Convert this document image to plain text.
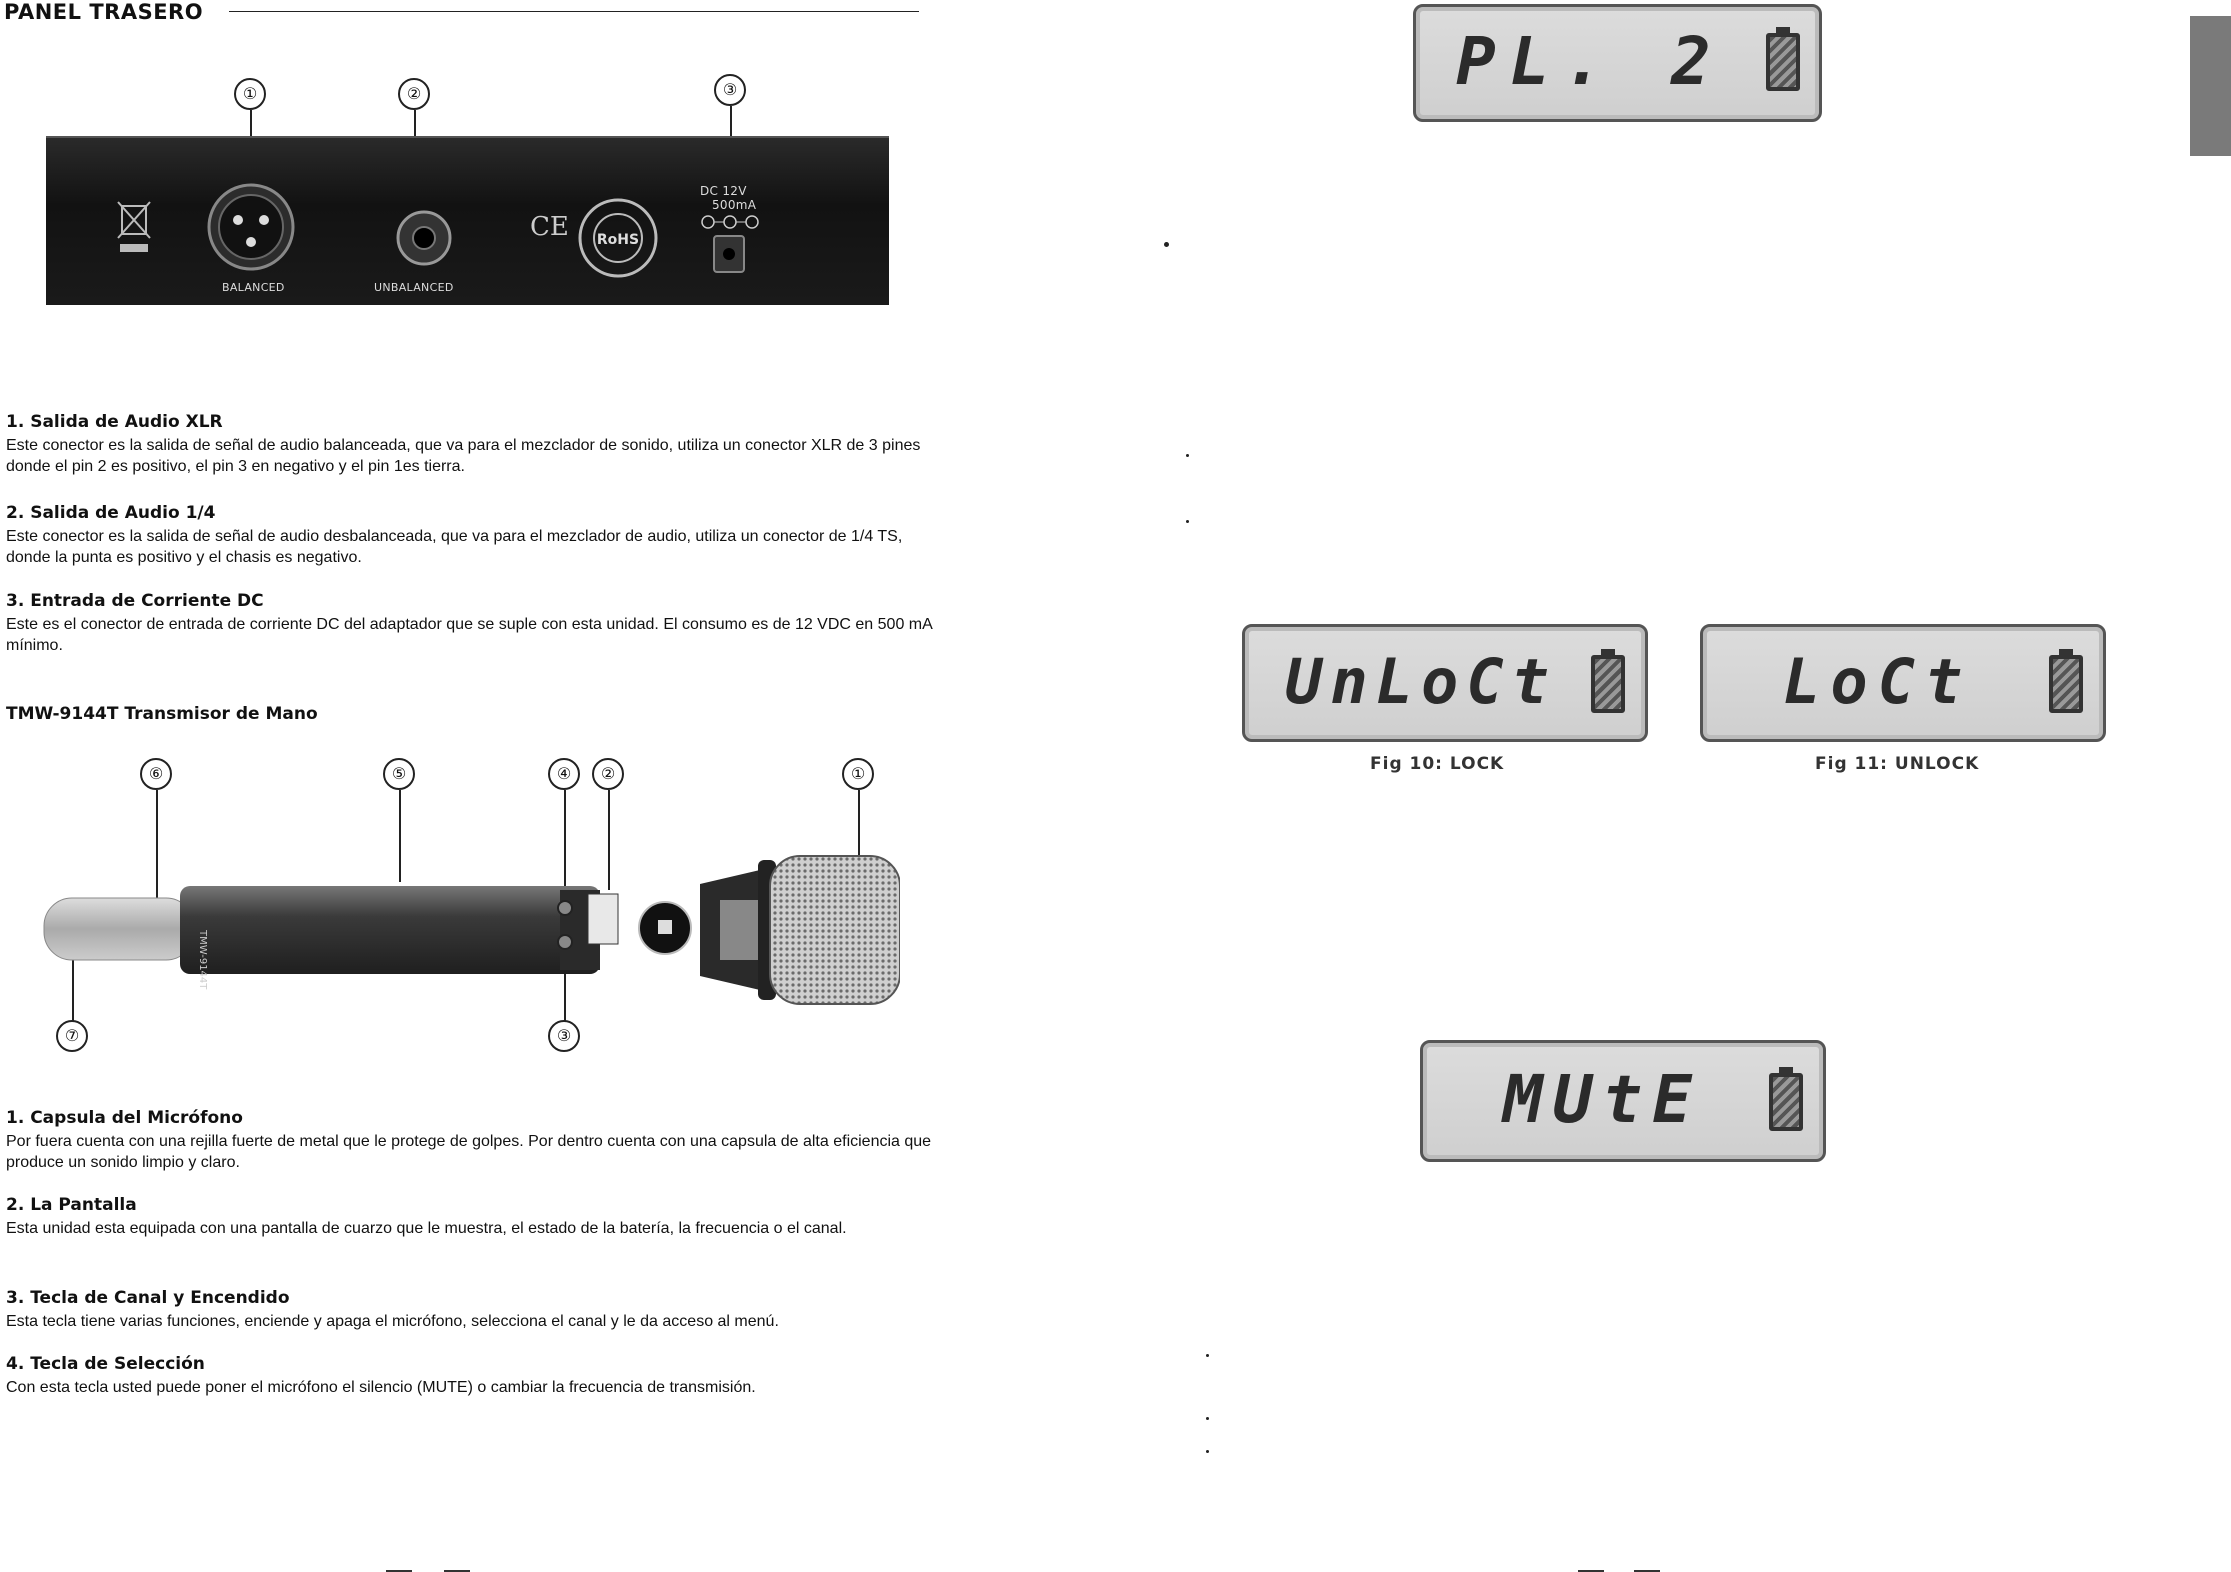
PANEL TRASERO
①	②	③
BALANCED	UNBALANCED
CE RoHS
DC 12V
500mA
1. Salida de Audio XLR
Este conector es la salida de señal de audio balanceada, que va para el mezclador de sonido, utiliza un conector XLR de 3 pines donde el pin 2 es positivo, el pin 3 en negativo y el pin 1es tierra.
2. Salida de Audio 1/4
Este conector es la salida de señal de audio desbalanceada, que va para el mezclador de audio, utiliza un conector de 1/4 TS, donde la punta es positivo y el chasis es negativo.
3. Entrada de Corriente DC
Este es el conector de entrada de corriente DC del adaptador que se suple con esta unidad. El consumo es de 12 VDC en 500 mA mínimo.
TMW-9144T Transmisor de Mano
⑥	⑤	④	②	①
⑦	③
TMW-9144T
1. Capsula del Micrófono
Por fuera cuenta con una rejilla fuerte de metal que le protege de golpes. Por dentro cuenta con una capsula de alta eficiencia que produce un sonido limpio y claro.
2. La Pantalla
Esta unidad esta equipada con una pantalla de cuarzo que le muestra, el estado de la batería, la frecuencia o el canal.
3. Tecla de Canal y Encendido
Esta tecla tiene varias funciones, enciende y apaga el micrófono, selecciona el canal y le da acceso al menú.
4. Tecla de Selección
Con esta tecla usted puede poner el micrófono el silencio (MUTE) o cambiar la frecuencia de transmisión.
PL. 2
UnLoCt
Fig 10: LOCK
LoCt
Fig 11: UNLOCK
MUtE
